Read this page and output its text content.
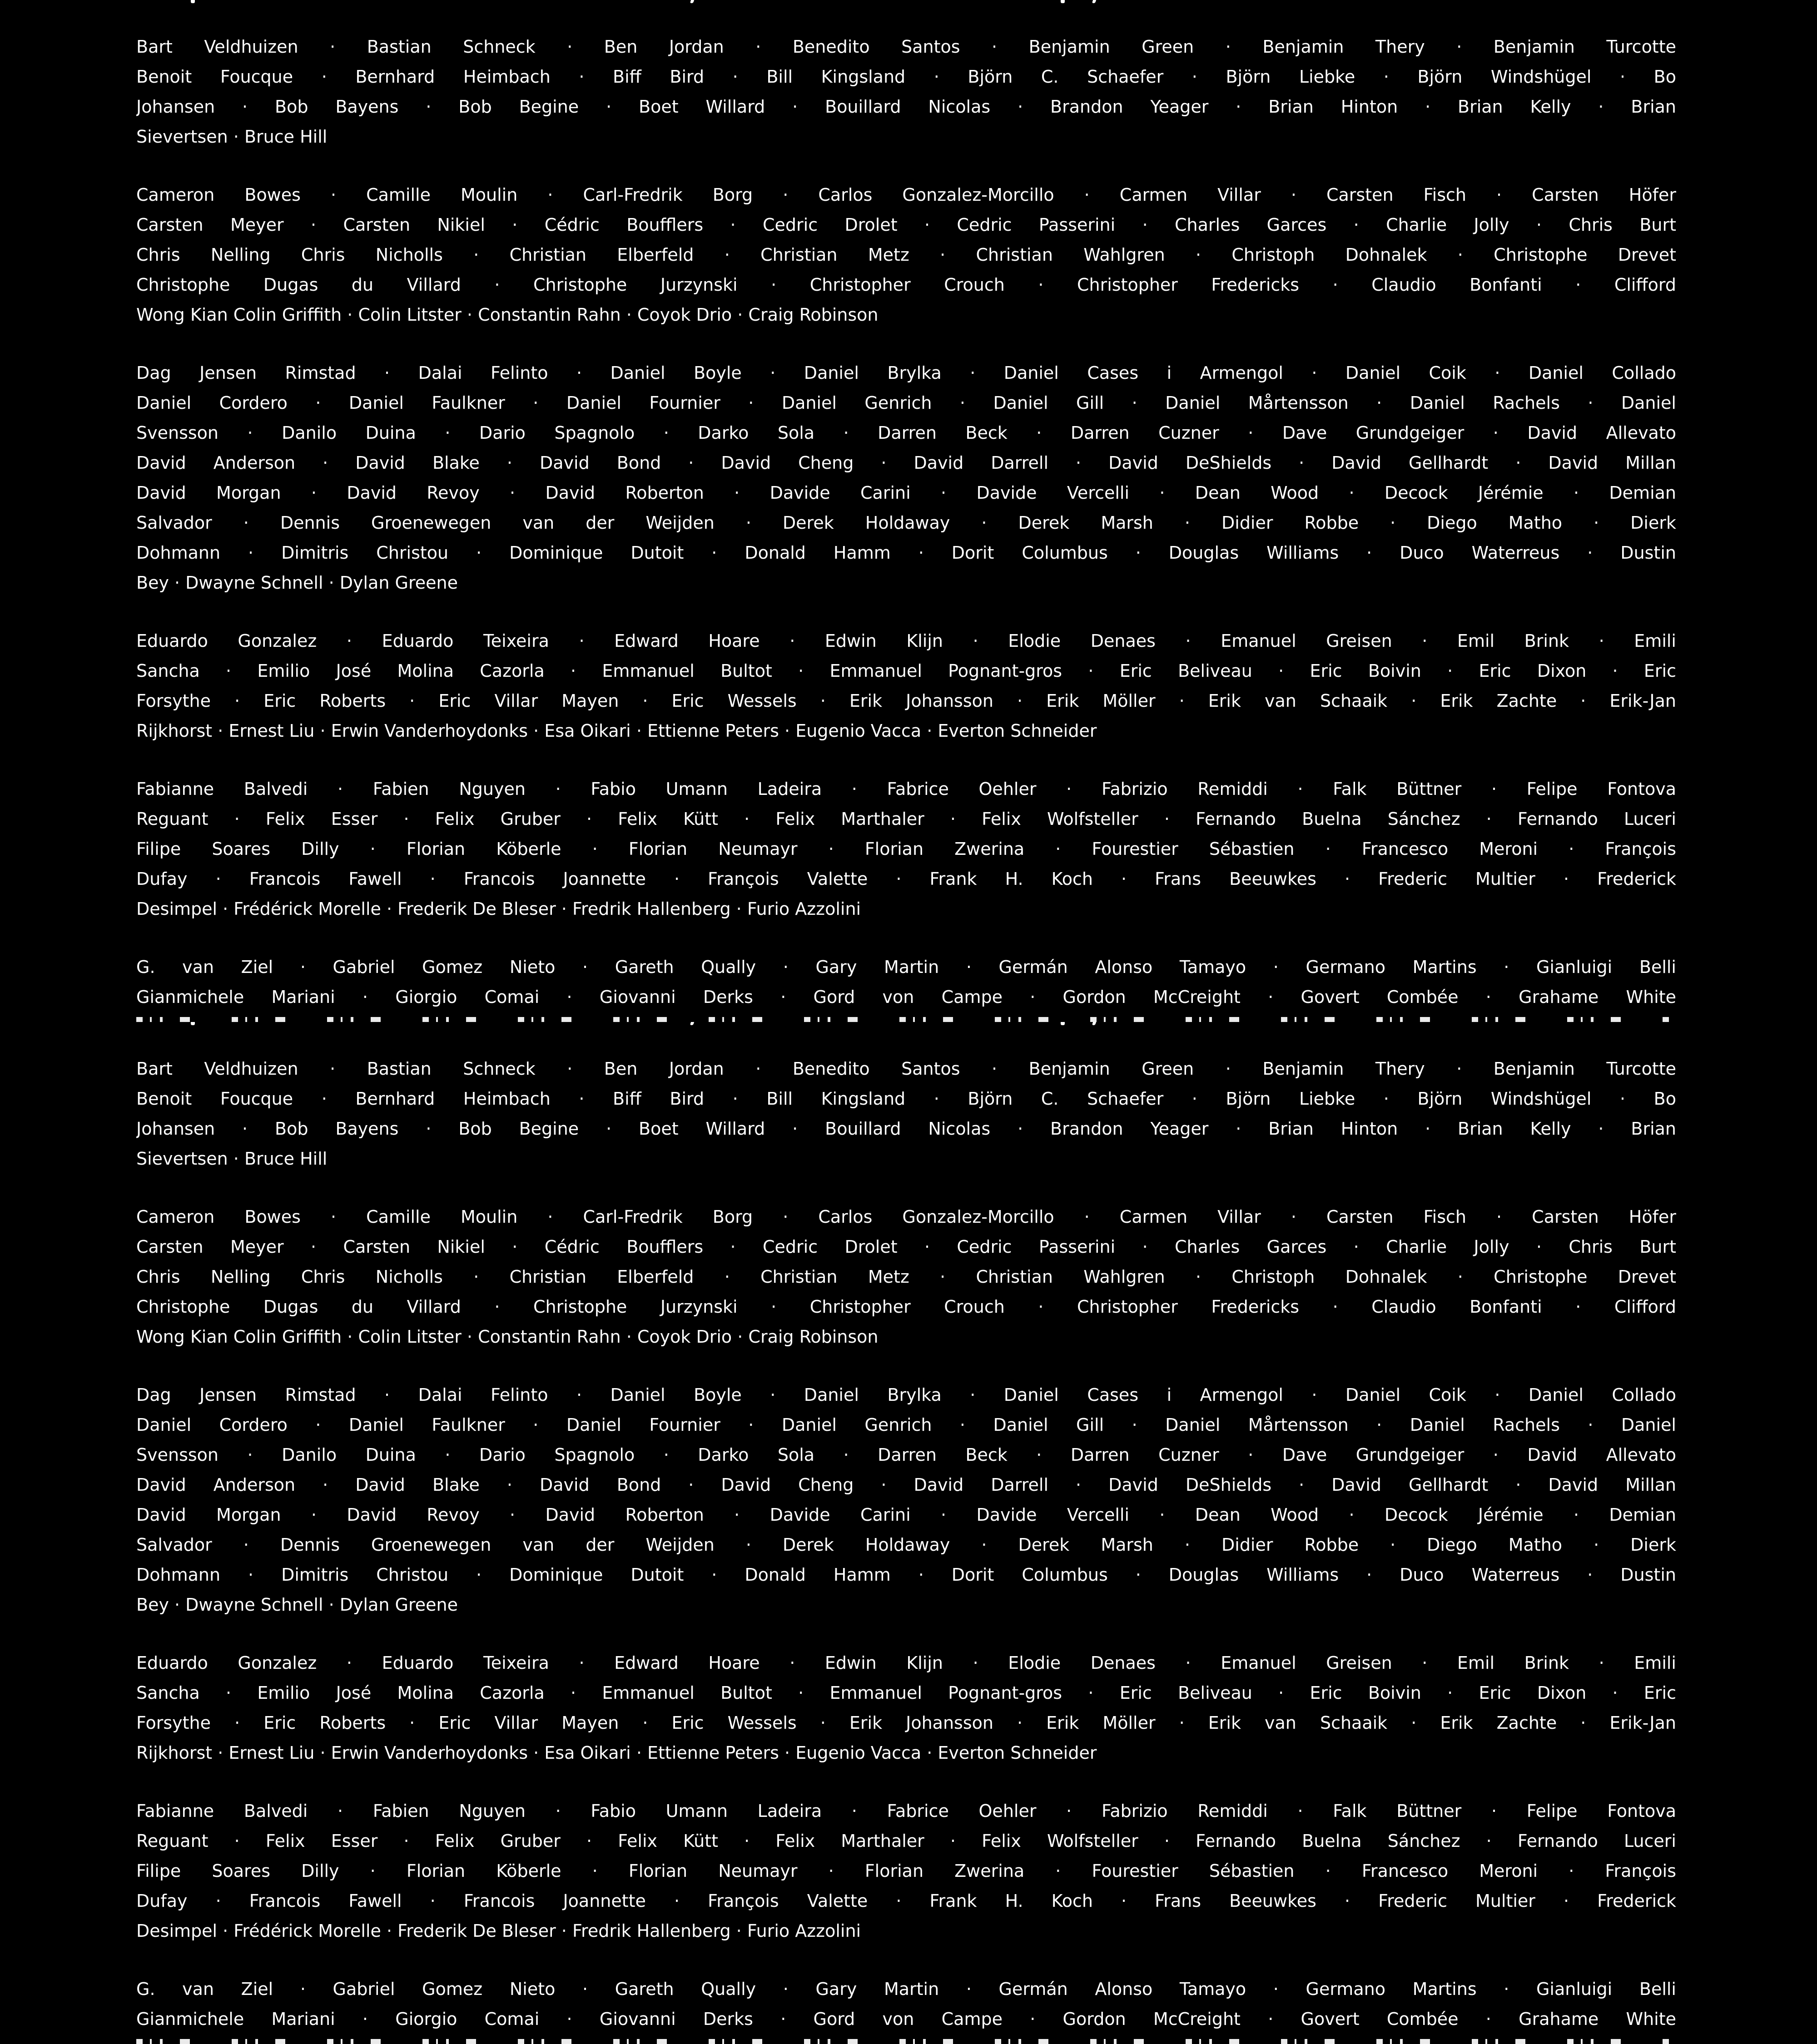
Bart Veldhuizen · Bastian Schneck · Ben Jordan · Benedito Santos · Benjamin Green · Benjamin Thery · Benjamin Turcotte
Benoit Foucque · Bernhard Heimbach · Biff Bird · Bill Kingsland · Björn C. Schaefer · Björn Liebke · Björn Windshügel · Bo
Johansen · Bob Bayens · Bob Begine · Boet Willard · Bouillard Nicolas · Brandon Yeager · Brian Hinton · Brian Kelly · Brian
Sievertsen · Bruce Hill
Cameron Bowes · Camille Moulin · Carl-Fredrik Borg · Carlos Gonzalez-Morcillo · Carmen Villar · Carsten Fisch · Carsten Höfer
Carsten Meyer · Carsten Nikiel · Cédric Boufflers · Cedric Drolet · Cedric Passerini · Charles Garces · Charlie Jolly · Chris Burt
Chris Nelling Chris Nicholls · Christian Elberfeld · Christian Metz · Christian Wahlgren · Christoph Dohnalek · Christophe Drevet
Christophe Dugas du Villard · Christophe Jurzynski · Christopher Crouch · Christopher Fredericks · Claudio Bonfanti · Clifford
Wong Kian Colin Griffith · Colin Litster · Constantin Rahn · Coyok Drio · Craig Robinson
Dag Jensen Rimstad · Dalai Felinto · Daniel Boyle · Daniel Brylka · Daniel Cases i Armengol · Daniel Coik · Daniel Collado
Daniel Cordero · Daniel Faulkner · Daniel Fournier · Daniel Genrich · Daniel Gill · Daniel Mårtensson · Daniel Rachels · Daniel
Svensson · Danilo Duina · Dario Spagnolo · Darko Sola · Darren Beck · Darren Cuzner · Dave Grundgeiger · David Allevato
David Anderson · David Blake · David Bond · David Cheng · David Darrell · David DeShields · David Gellhardt · David Millan
David Morgan · David Revoy · David Roberton · Davide Carini · Davide Vercelli · Dean Wood · Decock Jérémie · Demian
Salvador · Dennis Groenewegen van der Weijden · Derek Holdaway · Derek Marsh · Didier Robbe · Diego Matho · Dierk
Dohmann · Dimitris Christou · Dominique Dutoit · Donald Hamm · Dorit Columbus · Douglas Williams · Duco Waterreus · Dustin
Bey · Dwayne Schnell · Dylan Greene
Eduardo Gonzalez · Eduardo Teixeira · Edward Hoare · Edwin Klijn · Elodie Denaes · Emanuel Greisen · Emil Brink · Emili
Sancha · Emilio José Molina Cazorla · Emmanuel Bultot · Emmanuel Pognant-gros · Eric Beliveau · Eric Boivin · Eric Dixon · Eric
Forsythe · Eric Roberts · Eric Villar Mayen · Eric Wessels · Erik Johansson · Erik Möller · Erik van Schaaik · Erik Zachte · Erik-Jan
Rijkhorst · Ernest Liu · Erwin Vanderhoydonks · Esa Oikari · Ettienne Peters · Eugenio Vacca · Everton Schneider
Fabianne Balvedi · Fabien Nguyen · Fabio Umann Ladeira · Fabrice Oehler · Fabrizio Remiddi · Falk Büttner · Felipe Fontova
Reguant · Felix Esser · Felix Gruber · Felix Kütt · Felix Marthaler · Felix Wolfsteller · Fernando Buelna Sánchez · Fernando Luceri
Filipe Soares Dilly · Florian Köberle · Florian Neumayr · Florian Zwerina · Fourestier Sébastien · Francesco Meroni · François
Dufay · Francois Fawell · Francois Joannette · François Valette · Frank H. Koch · Frans Beeuwkes · Frederic Multier · Frederick
Desimpel · Frédérick Morelle · Frederik De Bleser · Fredrik Hallenberg · Furio Azzolini
G. van Ziel · Gabriel Gomez Nieto · Gareth Qually · Gary Martin · Germán Alonso Tamayo · Germano Martins · Gianluigi Belli
Gianmichele Mariani · Giorgio Comai · Giovanni Derks · Gord von Campe · Gordon McCreight · Govert Combée · Grahame White
Bart Veldhuizen · Bastian Schneck · Ben Jordan · Benedito Santos · Benjamin Green · Benjamin Thery · Benjamin Turcotte
Benoit Foucque · Bernhard Heimbach · Biff Bird · Bill Kingsland · Björn C. Schaefer · Björn Liebke · Björn Windshügel · Bo
Johansen · Bob Bayens · Bob Begine · Boet Willard · Bouillard Nicolas · Brandon Yeager · Brian Hinton · Brian Kelly · Brian
Sievertsen · Bruce Hill
Cameron Bowes · Camille Moulin · Carl-Fredrik Borg · Carlos Gonzalez-Morcillo · Carmen Villar · Carsten Fisch · Carsten Höfer
Carsten Meyer · Carsten Nikiel · Cédric Boufflers · Cedric Drolet · Cedric Passerini · Charles Garces · Charlie Jolly · Chris Burt
Chris Nelling Chris Nicholls · Christian Elberfeld · Christian Metz · Christian Wahlgren · Christoph Dohnalek · Christophe Drevet
Christophe Dugas du Villard · Christophe Jurzynski · Christopher Crouch · Christopher Fredericks · Claudio Bonfanti · Clifford
Wong Kian Colin Griffith · Colin Litster · Constantin Rahn · Coyok Drio · Craig Robinson
Dag Jensen Rimstad · Dalai Felinto · Daniel Boyle · Daniel Brylka · Daniel Cases i Armengol · Daniel Coik · Daniel Collado
Daniel Cordero · Daniel Faulkner · Daniel Fournier · Daniel Genrich · Daniel Gill · Daniel Mårtensson · Daniel Rachels · Daniel
Svensson · Danilo Duina · Dario Spagnolo · Darko Sola · Darren Beck · Darren Cuzner · Dave Grundgeiger · David Allevato
David Anderson · David Blake · David Bond · David Cheng · David Darrell · David DeShields · David Gellhardt · David Millan
David Morgan · David Revoy · David Roberton · Davide Carini · Davide Vercelli · Dean Wood · Decock Jérémie · Demian
Salvador · Dennis Groenewegen van der Weijden · Derek Holdaway · Derek Marsh · Didier Robbe · Diego Matho · Dierk
Dohmann · Dimitris Christou · Dominique Dutoit · Donald Hamm · Dorit Columbus · Douglas Williams · Duco Waterreus · Dustin
Bey · Dwayne Schnell · Dylan Greene
Eduardo Gonzalez · Eduardo Teixeira · Edward Hoare · Edwin Klijn · Elodie Denaes · Emanuel Greisen · Emil Brink · Emili
Sancha · Emilio José Molina Cazorla · Emmanuel Bultot · Emmanuel Pognant-gros · Eric Beliveau · Eric Boivin · Eric Dixon · Eric
Forsythe · Eric Roberts · Eric Villar Mayen · Eric Wessels · Erik Johansson · Erik Möller · Erik van Schaaik · Erik Zachte · Erik-Jan
Rijkhorst · Ernest Liu · Erwin Vanderhoydonks · Esa Oikari · Ettienne Peters · Eugenio Vacca · Everton Schneider
Fabianne Balvedi · Fabien Nguyen · Fabio Umann Ladeira · Fabrice Oehler · Fabrizio Remiddi · Falk Büttner · Felipe Fontova
Reguant · Felix Esser · Felix Gruber · Felix Kütt · Felix Marthaler · Felix Wolfsteller · Fernando Buelna Sánchez · Fernando Luceri
Filipe Soares Dilly · Florian Köberle · Florian Neumayr · Florian Zwerina · Fourestier Sébastien · Francesco Meroni · François
Dufay · Francois Fawell · Francois Joannette · François Valette · Frank H. Koch · Frans Beeuwkes · Frederic Multier · Frederick
Desimpel · Frédérick Morelle · Frederik De Bleser · Fredrik Hallenberg · Furio Azzolini
G. van Ziel · Gabriel Gomez Nieto · Gareth Qually · Gary Martin · Germán Alonso Tamayo · Germano Martins · Gianluigi Belli
Gianmichele Mariani · Giorgio Comai · Giovanni Derks · Gord von Campe · Gordon McCreight · Govert Combée · Grahame White
